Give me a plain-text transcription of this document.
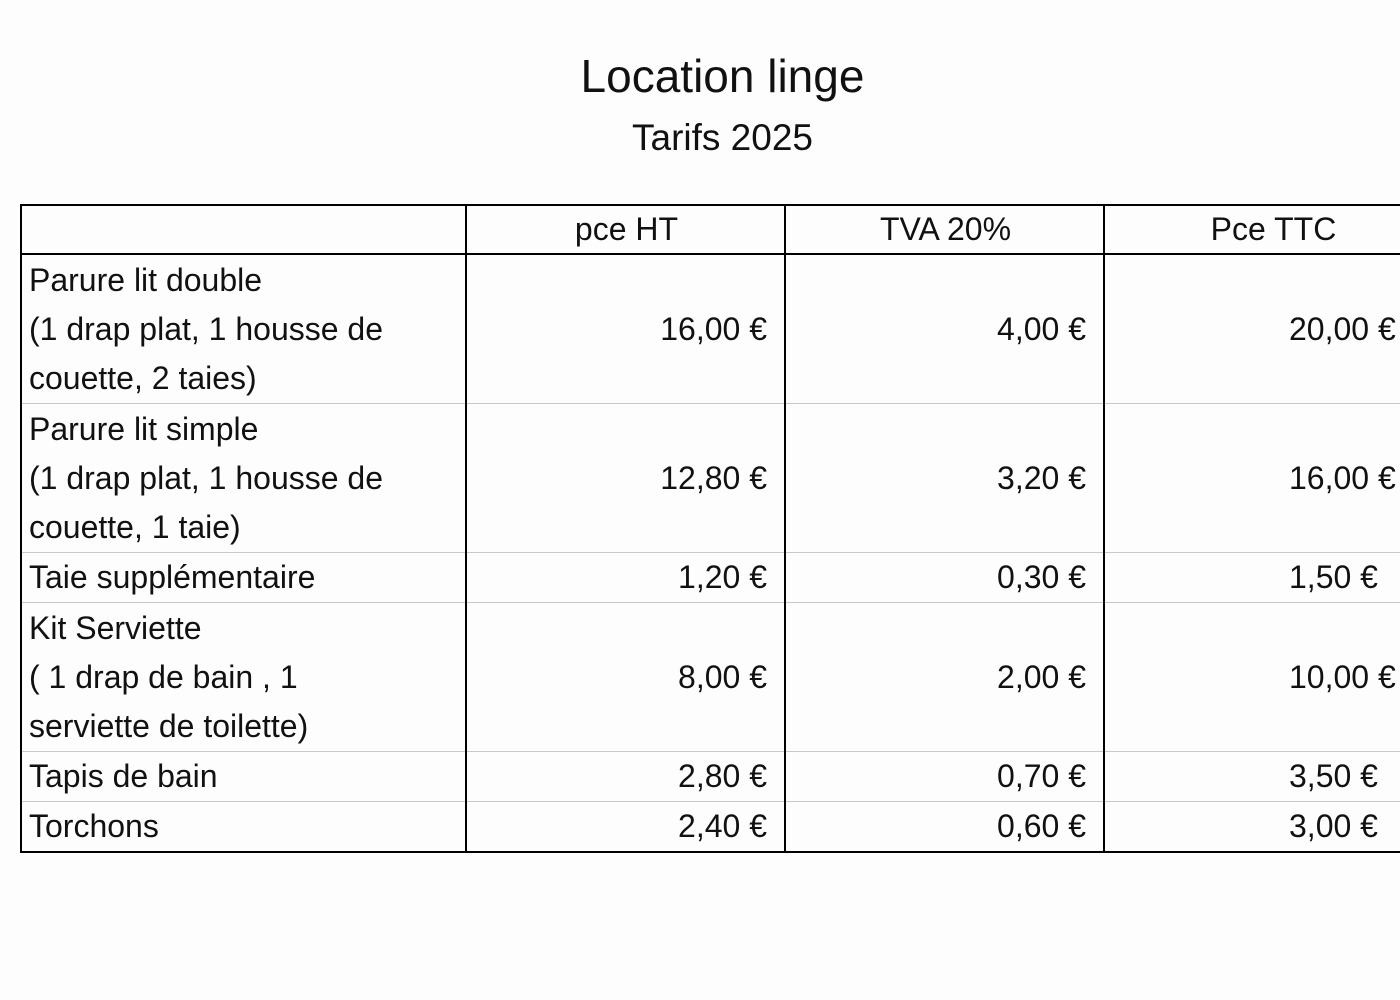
Location linge
Tarifs 2025
	pce HT	TVA 20%	Pce TTC

Parure lit double
(1 drap plat, 1 housse de
couette, 2 taies)	16,00 €	4,00 €	20,00 €

Parure lit simple
(1 drap plat, 1 housse de
couette, 1 taie)	12,80 €	3,20 €	16,00 €

Taie supplémentaire	1,20 €	0,30 €	1,50 €

Kit Serviette
( 1 drap de bain , 1
serviette de toilette)	8,00 €	2,00 €	10,00 €

Tapis de bain	2,80 €	0,70 €	3,50 €

Torchons	2,40 €	0,60 €	3,00 €
